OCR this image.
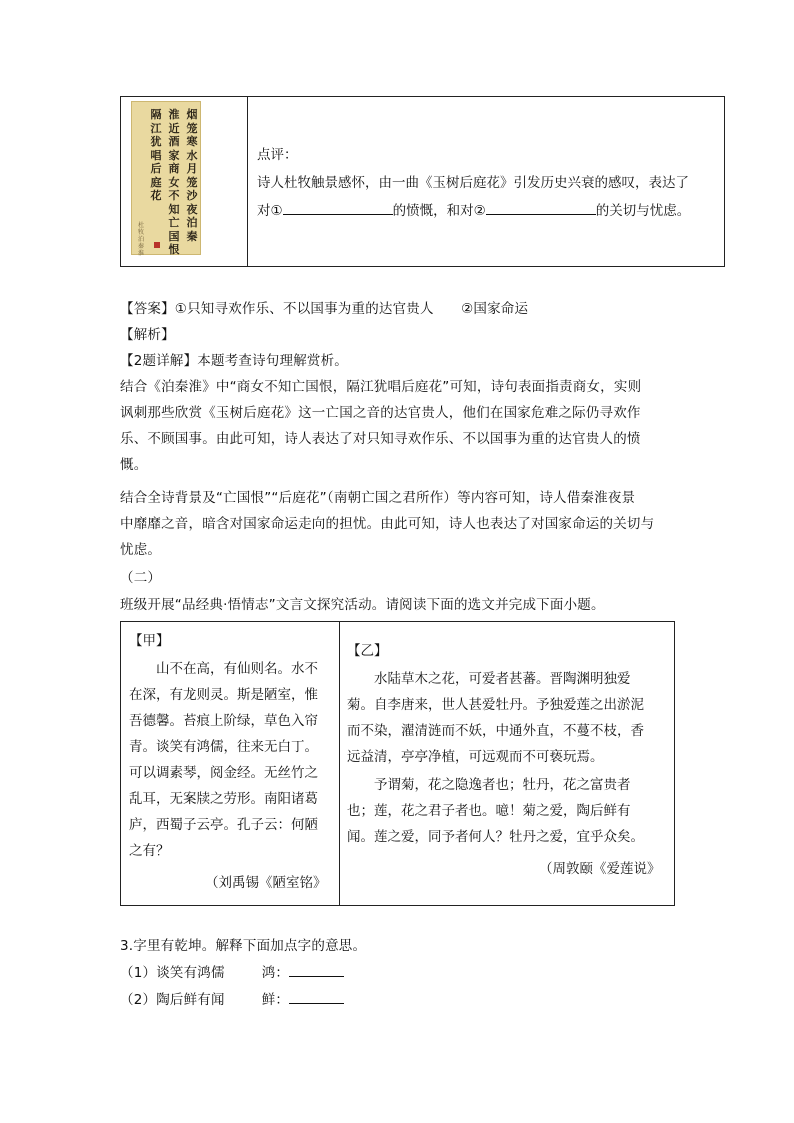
烟笼寒水月笼沙夜泊秦
淮近酒家商女不知亡国恨
隔江犹唱后庭花
杜牧泊秦淮
点评：
诗人杜牧触景感怀，由一曲《玉树后庭花》引发历史兴衰的感叹，表达了
对①	的愤慨，和对②	的关切与忧虑。
【答案】①只知寻欢作乐、不以国事为重的达官贵人　　②国家命运
【解析】
【2题详解】本题考查诗句理解赏析。
结合《泊秦淮》中“商女不知亡国恨，隔江犹唱后庭花”可知，诗句表面指责商女，实则
讽刺那些欣赏《玉树后庭花》这一亡国之音的达官贵人，他们在国家危难之际仍寻欢作
乐、不顾国事。由此可知，诗人表达了对只知寻欢作乐、不以国事为重的达官贵人的愤
慨。
结合全诗背景及“亡国恨”“后庭花”（南朝亡国之君所作）等内容可知，诗人借秦淮夜景
中靡靡之音，暗含对国家命运走向的担忧。由此可知，诗人也表达了对国家命运的关切与
忧虑。
（二）
班级开展“品经典·悟情志”文言文探究活动。请阅读下面的选文并完成下面小题。
【甲】
　　山不在高，有仙则名。水不
在深，有龙则灵。斯是陋室，惟
吾德馨。苔痕上阶绿，草色入帘
青。谈笑有鸿儒，往来无白丁。
可以调素琴，阅金经。无丝竹之
乱耳，无案牍之劳形。南阳诸葛
庐，西蜀子云亭。孔子云：何陋
之有？
（刘禹锡《陋室铭》
【乙】
　　水陆草木之花，可爱者甚蕃。晋陶渊明独爱
菊。自李唐来，世人甚爱牡丹。予独爱莲之出淤泥
而不染，濯清涟而不妖，中通外直，不蔓不枝，香
远益清，亭亭净植，可远观而不可亵玩焉。
　　予谓菊，花之隐逸者也；牡丹，花之富贵者
也；莲，花之君子者也。噫！菊之爱，陶后鲜有
闻。莲之爱，同予者何人？牡丹之爱，宜乎众矣。
（周敦颐《爱莲说》
3.字里有乾坤。解释下面加点字的意思。
（1）谈笑有鸿儒	鸿：
（2）陶后鲜有闻	鲜：
